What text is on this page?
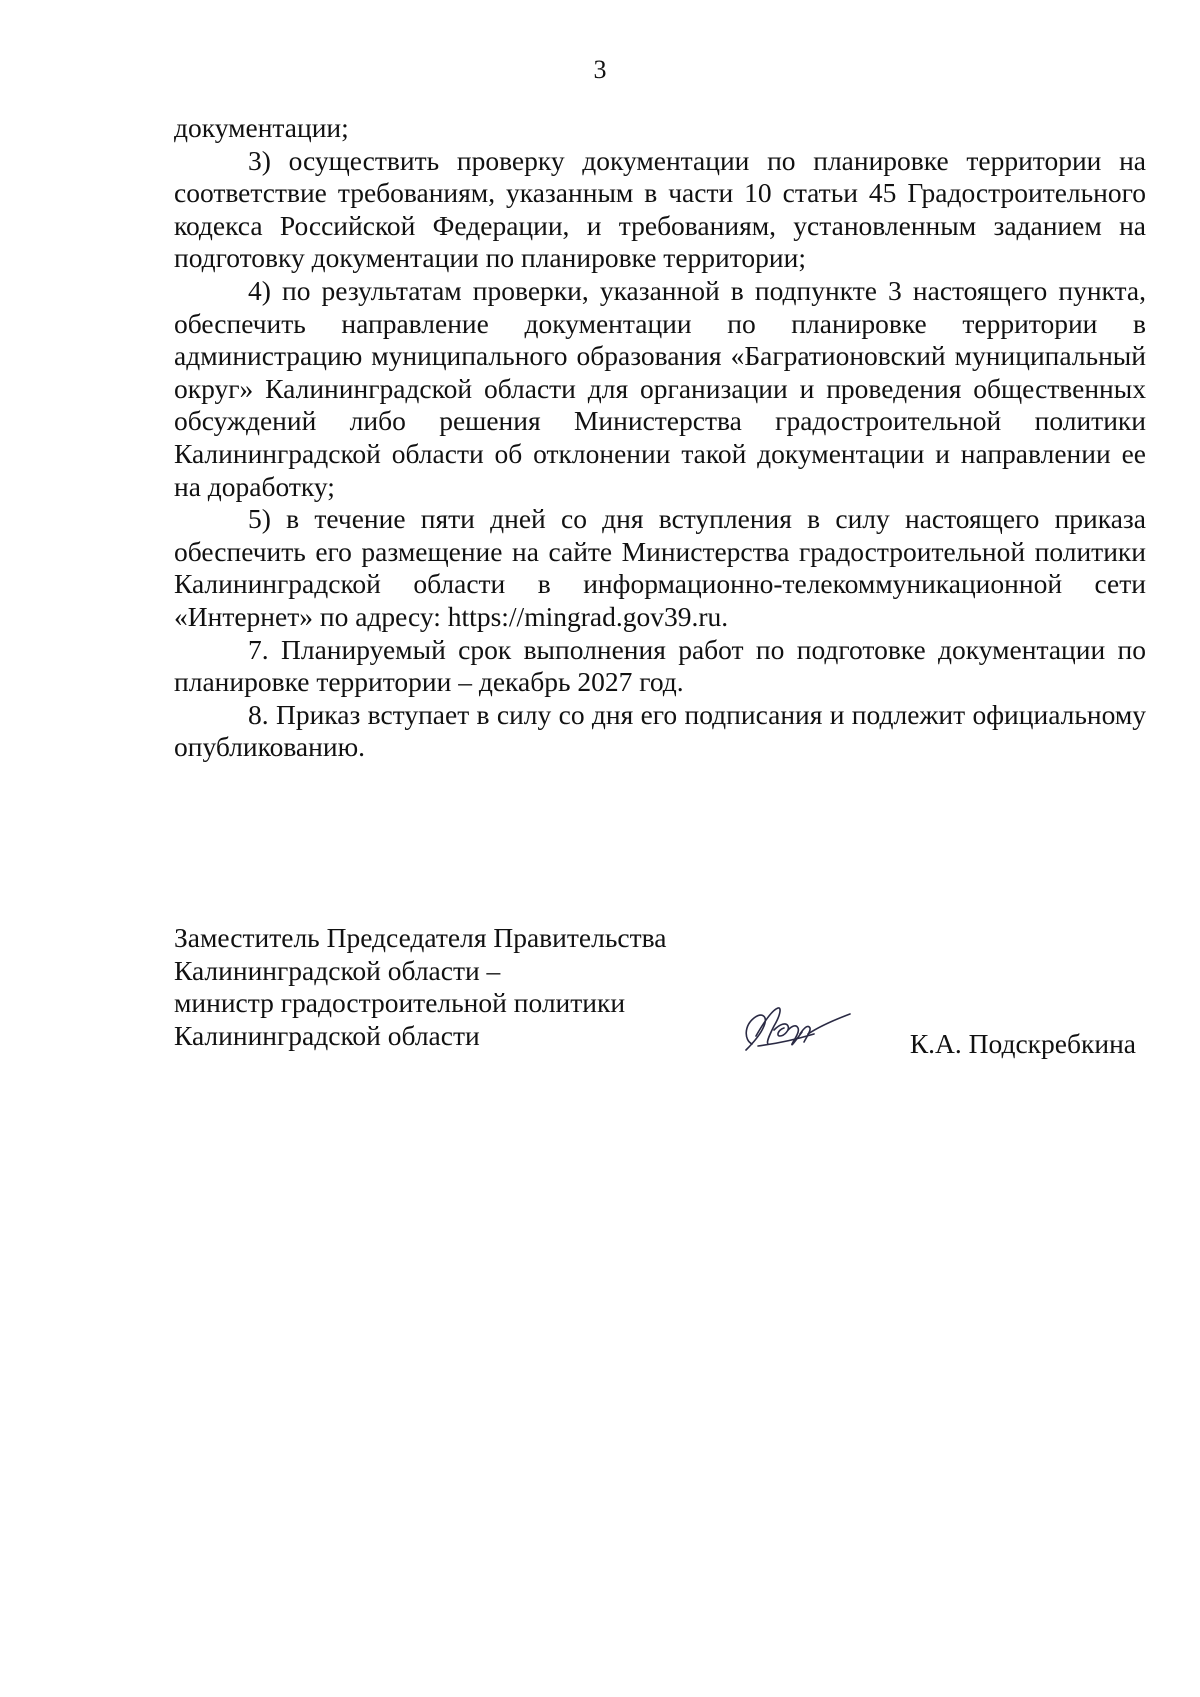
3

документации;

3) осуществить проверку документации по планировке территории на соответствие требованиям, указанным в части 10 статьи 45 Градостроительного кодекса Российской Федерации, и требованиям, установленным заданием на подготовку документации по планировке территории;

4) по результатам проверки, указанной в подпункте 3 настоящего пункта, обеспечить направление документации по планировке территории в администрацию муниципального образования «Багратионовский муниципальный округ» Калининградской области для организации и проведения общественных обсуждений либо решения Министерства градостроительной политики Калининградской области об отклонении такой документации и направлении ее на доработку;

5) в течение пяти дней со дня вступления в силу настоящего приказа обеспечить его размещение на сайте Министерства градостроительной политики Калининградской области в информационно-телекоммуникационной сети «Интернет» по адресу: https://mingrad.gov39.ru.

7. Планируемый срок выполнения работ по подготовке документации по планировке территории – декабрь 2027 год.

8. Приказ вступает в силу со дня его подписания и подлежит официальному опубликованию.

Заместитель Председателя Правительства
Калининградской области –
министр градостроительной политики
Калининградской области	К.А. Подскребкина
